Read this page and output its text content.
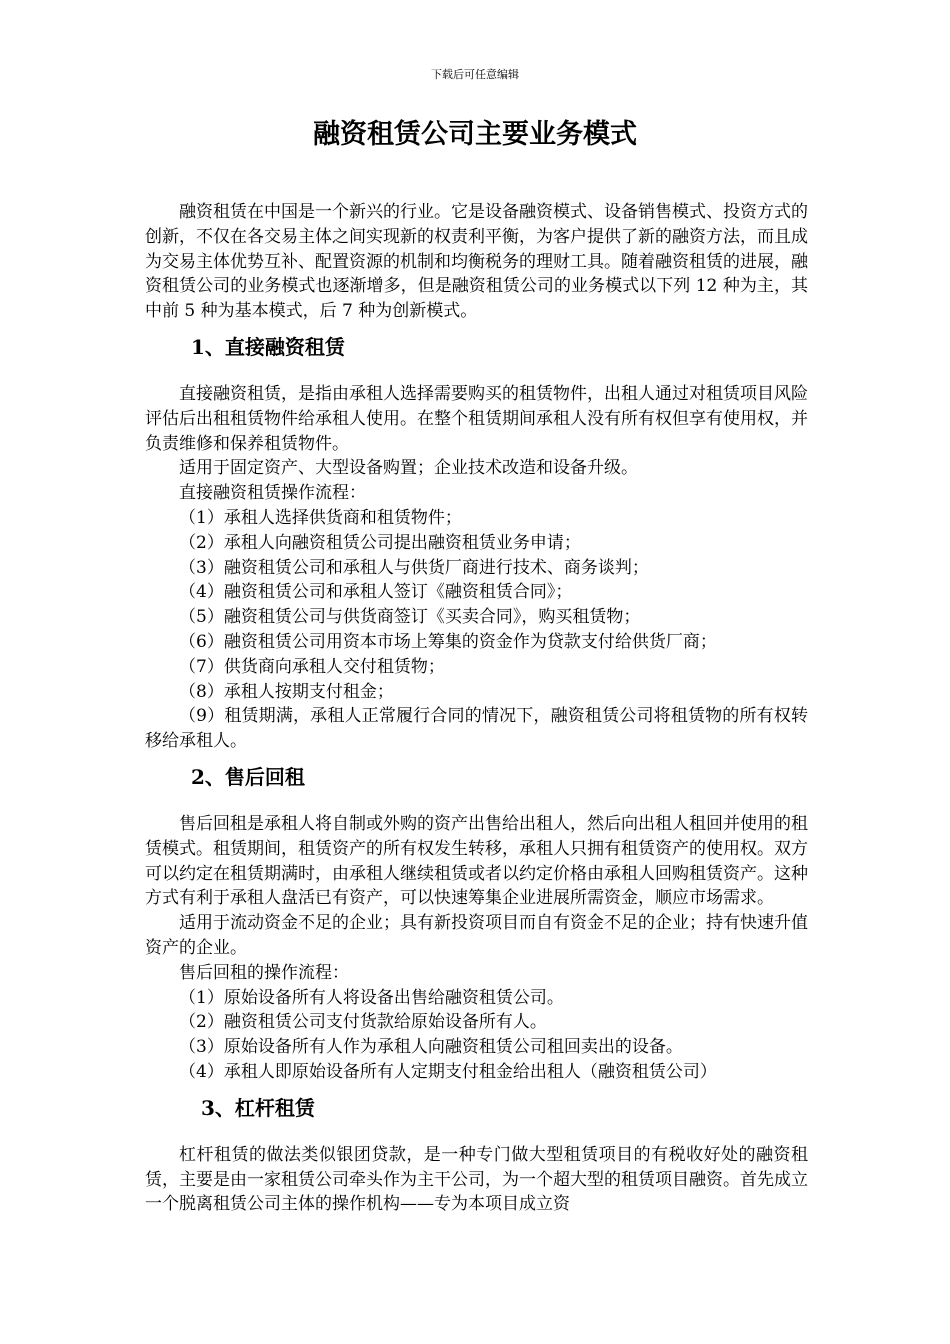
下载后可任意编辑
融资租赁公司主要业务模式

融资租赁在中国是一个新兴的行业。它是设备融资模式、设备销售模式、投资方式的创新，不仅在各交易主体之间实现新的权责利平衡，为客户提供了新的融资方法，而且成为交易主体优势互补、配置资源的机制和均衡税务的理财工具。随着融资租赁的进展，融资租赁公司的业务模式也逐渐增多，但是融资租赁公司的业务模式以下列 12 种为主，其中前 5 种为基本模式，后 7 种为创新模式。

1、直接融资租赁

直接融资租赁，是指由承租人选择需要购买的租赁物件，出租人通过对租赁项目风险评估后出租租赁物件给承租人使用。在整个租赁期间承租人没有所有权但享有使用权，并负责维修和保养租赁物件。

适用于固定资产、大型设备购置；企业技术改造和设备升级。

直接融资租赁操作流程：

（1）承租人选择供货商和租赁物件；

（2）承租人向融资租赁公司提出融资租赁业务申请；

（3）融资租赁公司和承租人与供货厂商进行技术、商务谈判；

（4）融资租赁公司和承租人签订《融资租赁合同》；

（5）融资租赁公司与供货商签订《买卖合同》，购买租赁物；

（6）融资租赁公司用资本市场上筹集的资金作为贷款支付给供货厂商；

（7）供货商向承租人交付租赁物；

（8）承租人按期支付租金；

（9）租赁期满，承租人正常履行合同的情况下，融资租赁公司将租赁物的所有权转移给承租人。

2、售后回租

售后回租是承租人将自制或外购的资产出售给出租人，然后向出租人租回并使用的租赁模式。租赁期间，租赁资产的所有权发生转移，承租人只拥有租赁资产的使用权。双方可以约定在租赁期满时，由承租人继续租赁或者以约定价格由承租人回购租赁资产。这种方式有利于承租人盘活已有资产，可以快速筹集企业进展所需资金，顺应市场需求。

适用于流动资金不足的企业；具有新投资项目而自有资金不足的企业；持有快速升值资产的企业。

售后回租的操作流程：

（1）原始设备所有人将设备出售给融资租赁公司。

（2）融资租赁公司支付货款给原始设备所有人。

（3）原始设备所有人作为承租人向融资租赁公司租回卖出的设备。

（4）承租人即原始设备所有人定期支付租金给出租人（融资租赁公司）

3、杠杆租赁

杠杆租赁的做法类似银团贷款，是一种专门做大型租赁项目的有税收好处的融资租赁，主要是由一家租赁公司牵头作为主干公司，为一个超大型的租赁项目融资。首先成立一个脱离租赁公司主体的操作机构——专为本项目成立资
